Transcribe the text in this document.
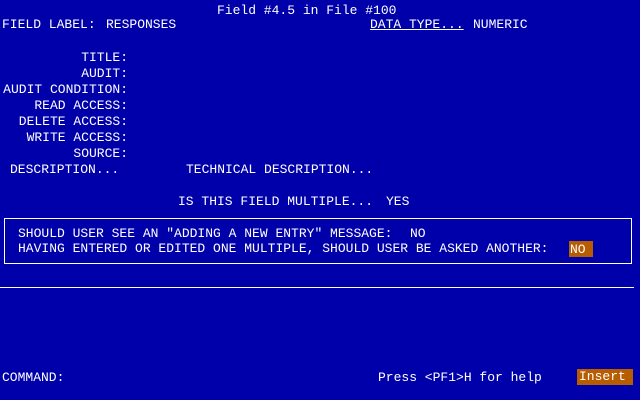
Field #4.5 in File #100
FIELD LABEL: RESPONSES	DATA TYPE... NUMERIC
TITLE:
AUDIT:
AUDIT CONDITION:
READ ACCESS:
DELETE ACCESS:
WRITE ACCESS:
SOURCE:
DESCRIPTION...	TECHNICAL DESCRIPTION...
IS THIS FIELD MULTIPLE... YES
SHOULD USER SEE AN "ADDING A NEW ENTRY" MESSAGE: NO
HAVING ENTERED OR EDITED ONE MULTIPLE, SHOULD USER BE ASKED ANOTHER:
NO
COMMAND:	Press <PF1>H for help	Insert
